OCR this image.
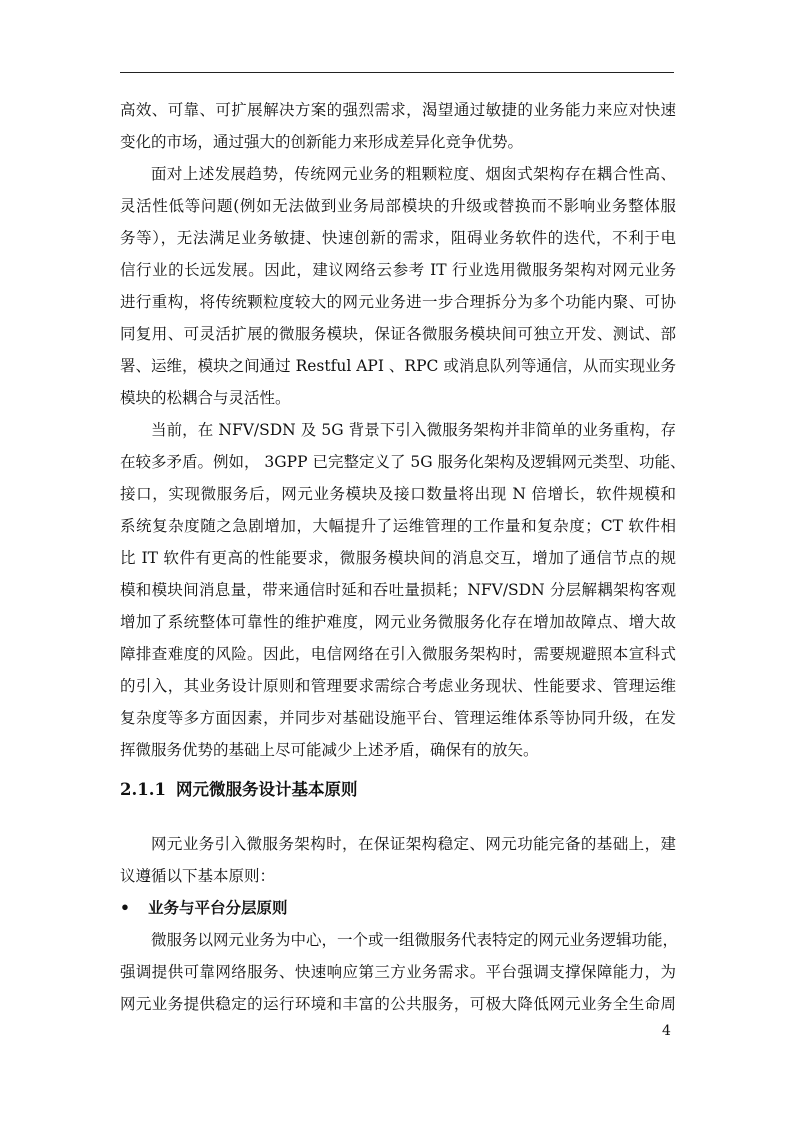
高效、可靠、可扩展解决方案的强烈需求，渴望通过敏捷的业务能力来应对快速
变化的市场，通过强大的创新能力来形成差异化竞争优势。
面对上述发展趋势，传统网元业务的粗颗粒度、烟囱式架构存在耦合性高、
灵活性低等问题(例如无法做到业务局部模块的升级或替换而不影响业务整体服
务等），无法满足业务敏捷、快速创新的需求，阻碍业务软件的迭代，不利于电
信行业的长远发展。因此，建议网络云参考 IT 行业选用微服务架构对网元业务
进行重构，将传统颗粒度较大的网元业务进一步合理拆分为多个功能内聚、可协
同复用、可灵活扩展的微服务模块，保证各微服务模块间可独立开发、测试、部
署、运维，模块之间通过 Restful API 、RPC 或消息队列等通信，从而实现业务
模块的松耦合与灵活性。
当前，在 NFV/SDN 及 5G 背景下引入微服务架构并非简单的业务重构，存
在较多矛盾。例如， 3GPP 已完整定义了 5G 服务化架构及逻辑网元类型、功能、
接口，实现微服务后，网元业务模块及接口数量将出现 N 倍增长，软件规模和
系统复杂度随之急剧增加，大幅提升了运维管理的工作量和复杂度；CT 软件相
比 IT 软件有更高的性能要求，微服务模块间的消息交互，增加了通信节点的规
模和模块间消息量，带来通信时延和吞吐量损耗；NFV/SDN 分层解耦架构客观
增加了系统整体可靠性的维护难度，网元业务微服务化存在增加故障点、增大故
障排查难度的风险。因此，电信网络在引入微服务架构时，需要规避照本宣科式
的引入，其业务设计原则和管理要求需综合考虑业务现状、性能要求、管理运维
复杂度等多方面因素，并同步对基础设施平台、管理运维体系等协同升级，在发
挥微服务优势的基础上尽可能减少上述矛盾，确保有的放矢。
2.1.1 网元微服务设计基本原则
网元业务引入微服务架构时，在保证架构稳定、网元功能完备的基础上，建
议遵循以下基本原则：
• 业务与平台分层原则
微服务以网元业务为中心，一个或一组微服务代表特定的网元业务逻辑功能，
强调提供可靠网络服务、快速响应第三方业务需求。平台强调支撑保障能力，为
网元业务提供稳定的运行环境和丰富的公共服务，可极大降低网元业务全生命周
4
